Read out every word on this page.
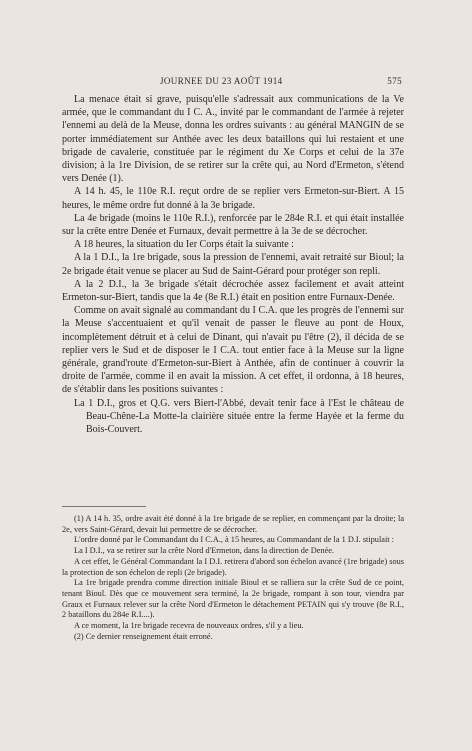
JOURNEE DU 23 AOÛT 1914	575

La menace était si grave, puisqu'elle s'adressait aux communications de la Ve armée, que le commandant du I C. A., invité par le commandant de l'armée à rejeter l'ennemi au delà de la Meuse, donna les ordres suivants : au général MANGIN de se porter immédiatement sur Anthée avec les deux bataillons qui lui restaient et une brigade de cavalerie, constituée par le régiment du Xe Corps et celui de la 37e division; à la 1re Division, de se retirer sur la crête qui, au Nord d'Ermeton, s'étend vers Denée (1).

A 14 h. 45, le 110e R.I. reçut ordre de se replier vers Ermeton-sur-Biert. A 15 heures, le même ordre fut donné à la 3e brigade.

La 4e brigade (moins le 110e R.I.), renforcée par le 284e R.I. et qui était installée sur la crête entre Denée et Furnaux, devait permettre à la 3e de se décrocher.

A 18 heures, la situation du Ier Corps était la suivante :

A la 1 D.I., la 1re brigade, sous la pression de l'ennemi, avait retraité sur Bioul; la 2e brigade était venue se placer au Sud de Saint-Gérard pour protéger son repli.

A la 2 D.I., la 3e brigade s'était décrochée assez facilement et avait atteint Ermeton-sur-Biert, tandis que la 4e (8e R.I.) était en position entre Furnaux-Denée.

Comme on avait signalé au commandant du I C.A. que les progrès de l'ennemi sur la Meuse s'accentuaient et qu'il venait de passer le fleuve au pont de Houx, incomplètement détruit et à celui de Dinant, qui n'avait pu l'être (2), il décida de se replier vers le Sud et de disposer le I C.A. tout entier face à la Meuse sur la ligne générale, grand'route d'Ermeton-sur-Biert à Anthée, afin de continuer à couvrir la droite de l'armée, comme il en avait la mission. A cet effet, il ordonna, à 18 heures, de s'établir dans les positions suivantes :

La 1 D.I., gros et Q.G. vers Biert-l'Abbé, devait tenir face à l'Est le château de Beau-Chêne-La Motte-la clairière située entre la ferme Hayée et la ferme du Bois-Couvert.

(1) A 14 h. 35, ordre avait été donné à la 1re brigade de se replier, en commençant par la droite; la 2e, vers Saint-Gérard, devait lui permettre de se décrocher.

L'ordre donné par le Commandant du I C.A., à 15 heures, au Commandant de la 1 D.I. stipulait :

La I D.I., va se retirer sur la crête Nord d'Ermeton, dans la direction de Denée.

A cet effet, le Général Commandant la I D.I. retirera d'abord son échelon avancé (1re brigade) sous la protection de son échelon de repli (2e brigade).

La 1re brigade prendra comme direction initiale Bioul et se ralliera sur la crête Sud de ce point, tenant Bioul. Dès que ce mouvement sera terminé, la 2e brigade, rompant à son tour, viendra par Graux et Furnaux relever sur la crête Nord d'Ermeton le détachement PETAIN qui s'y trouve (8e R.I., 2 bataillons du 284e R.I....).

A ce moment, la 1re brigade recevra de nouveaux ordres, s'il y a lieu.

(2) Ce dernier renseignement était erroné.
